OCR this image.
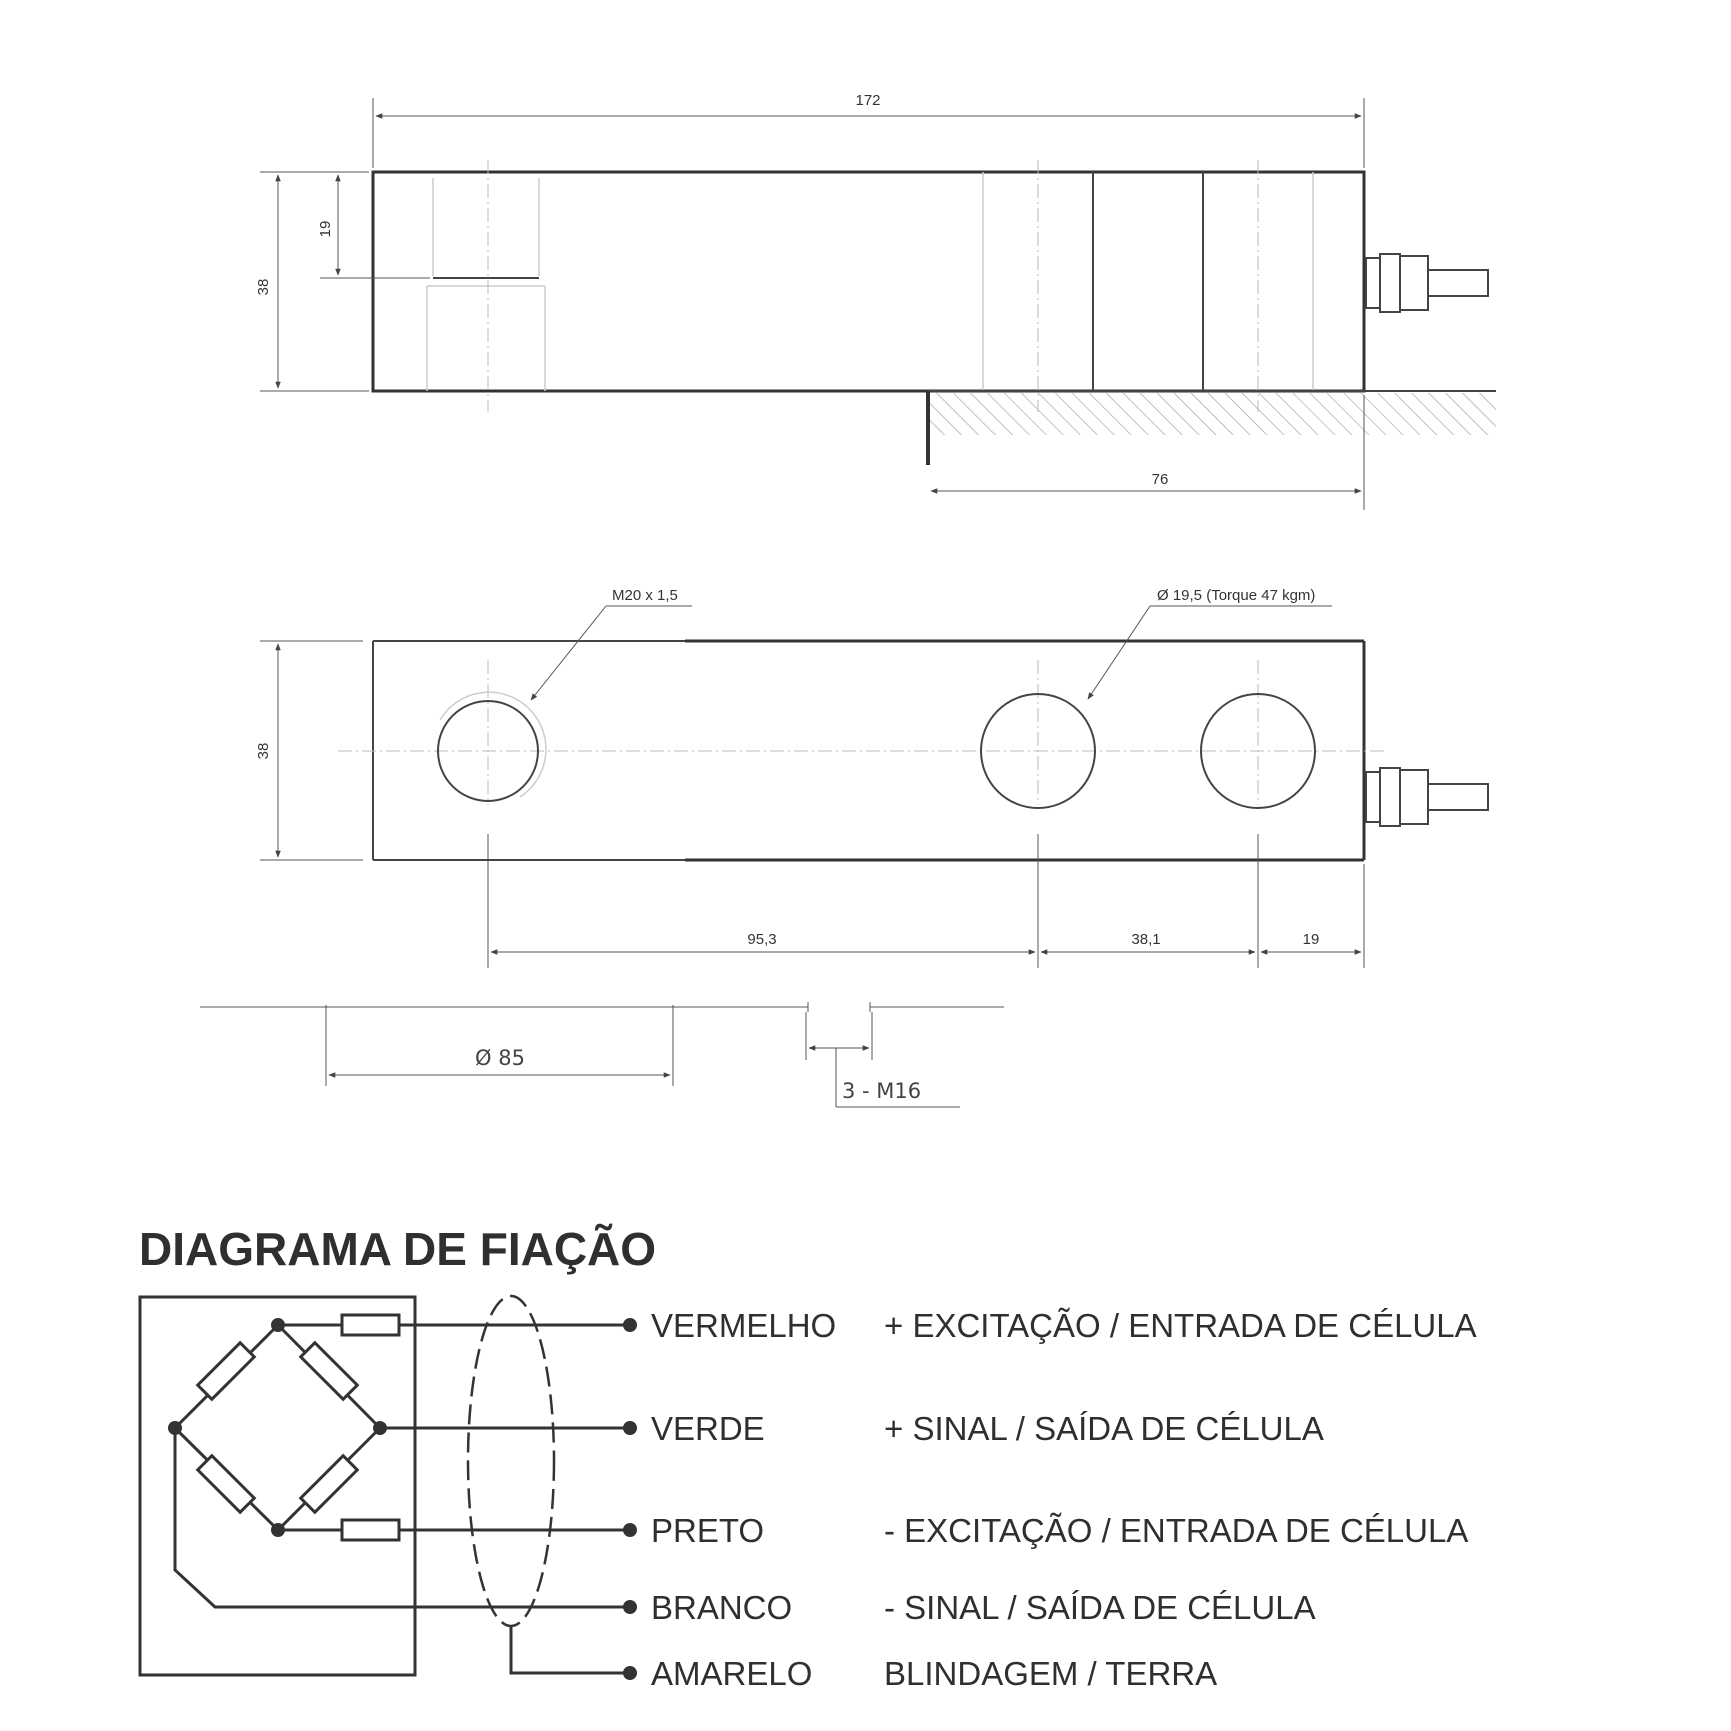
172
38
19
76
M20 x 1,5	Ø 19,5 (Torque 47 kgm)
38
95,3	38,1	19
Ø 85
3 - M16
DIAGRAMA DE FIAÇÃO
VERMELHO + EXCITAÇÃO / ENTRADA DE CÉLULA
VERDE	+ SINAL / SAÍDA DE CÉLULA
PRETO	- EXCITAÇÃO / ENTRADA DE CÉLULA
BRANCO	- SINAL / SAÍDA DE CÉLULA
AMARELO BLINDAGEM / TERRA
